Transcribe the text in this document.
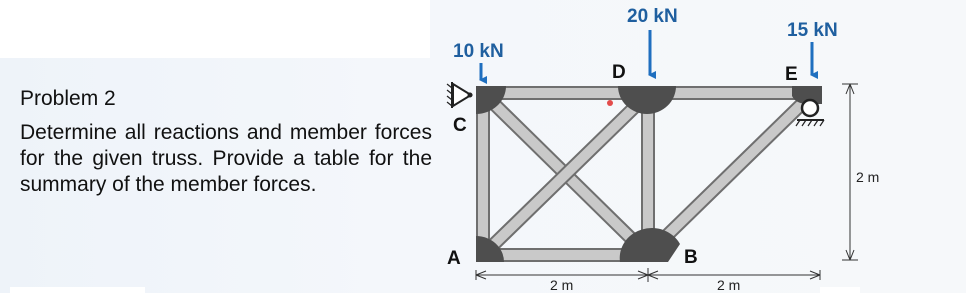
Problem 2
Determine all reactions and member forces for the given truss. Provide a table for the summary of the member forces.
10 kN
20 kN
15 kN
C
D	E
A	B
2 m	2 m
2 m
